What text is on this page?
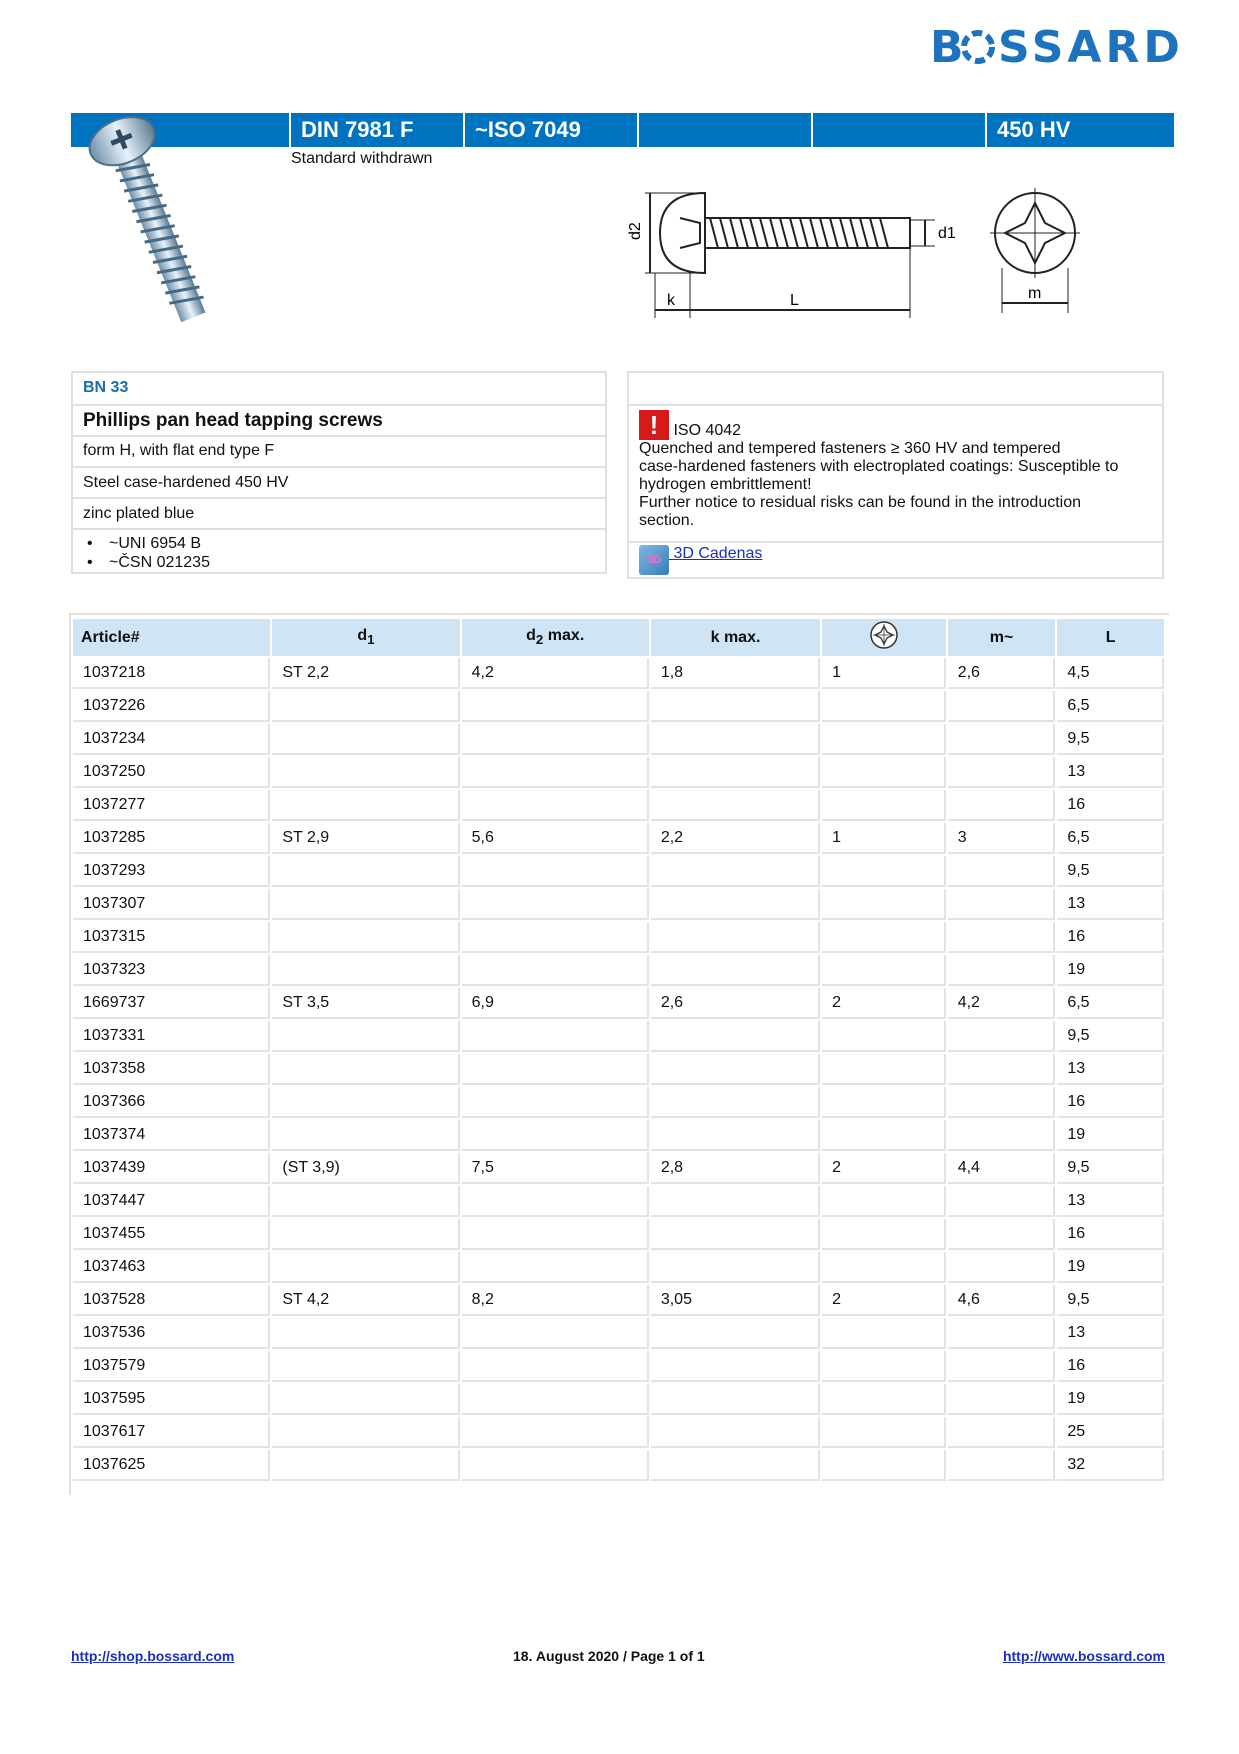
B SSARD
DIN 7981 F	~ISO 7049	450 HV
Standard withdrawn
d2	d1
k	L	m
BN 33
Phillips pan head tapping screws
form H, with flat end type F
Steel case-hardened 450 HV
zinc plated blue
• ~UNI 6954 B
• ~ČSN 021235
! ISO 4042
Quenched and tempered fasteners ≥ 360 HV and tempered
case-hardened fasteners with electroplated coatings: Susceptible to
hydrogen embrittlement!
Further notice to residual risks can be found in the introduction
section.
3D 3D Cadenas
Article#	$d_1$	$d_2$ max.	k max.		m~	L
1037218	ST 2,2	4,2	1,8	1	2,6	4,5
1037226						6,5
1037234						9,5
1037250						13
1037277						16
1037285	ST 2,9	5,6	2,2	1	3	6,5
1037293						9,5
1037307						13
1037315						16
1037323						19
1669737	ST 3,5	6,9	2,6	2	4,2	6,5
1037331						9,5
1037358						13
1037366						16
1037374						19
1037439	(ST 3,9)	7,5	2,8	2	4,4	9,5
1037447						13
1037455						16
1037463						19
1037528	ST 4,2	8,2	3,05	2	4,6	9,5
1037536						13
1037579						16
1037595						19
1037617						25
1037625						32
http://shop.bossard.com	18. August 2020 / Page 1 of 1	http://www.bossard.com
